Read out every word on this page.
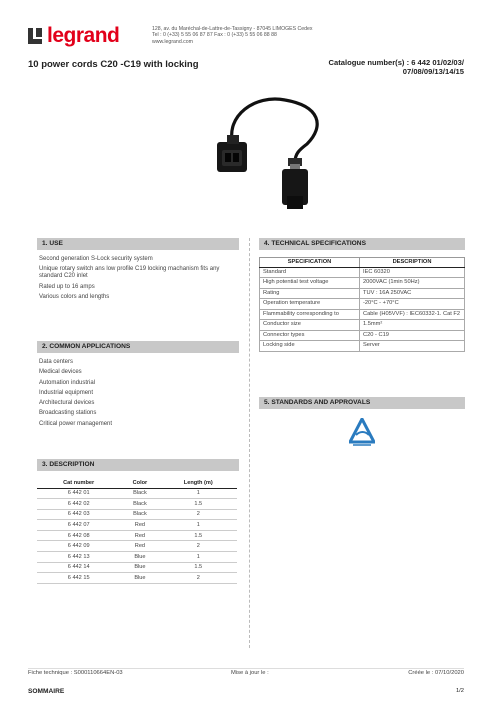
legrand	128, av. du Maréchal-de-Lattre-de-Tassigny - 87045 LIMOGES Cedex
Tel : 0 (+33) 5 55 06 87 87 Fax : 0 (+33) 5 55 06 88 88
www.legrand.com
10 power cords C20 -C19 with locking	Catalogue number(s) : 6 442 01/02/03/
07/08/09/13/14/15
1. USE
Second generation S-Lock security system
Unique rotary switch ans low profile C19 locking machanism fits any standard C20 inlet
Rated up to 16 amps
Various colors and lengths
2. COMMON APPLICATIONS
Data centers
Medical devices
Automation industrial
Industrial equipment
Architectural devices
Broadcasting stations
Critical power management
3. DESCRIPTION
Cat number	Color	Length (m)
6 442 01	Black	1
6 442 02	Black	1.5
6 442 03	Black	2
6 442 07	Red	1
6 442 08	Red	1.5
6 442 09	Red	2
6 442 13	Blue	1
6 442 14	Blue	1.5
6 442 15	Blue	2
4. TECHNICAL SPECIFICATIONS
SPECIFICATION	DESCRIPTION
Standard	IEC 60320
High potential test voltage	2000VAC (1min 50Hz)
Rating	TUV : 16A 250VAC
Operation temperature	-20°C - +70°C
Flammability corresponding to	Cable (H05VVF) : IEC60332-1. Cat F2
Conductor size	1.5mm²
Connector types	C20 - C19
Locking side	Server
5. STANDARDS AND APPROVALS
Fiche technique : S000110664EN-03	Mise à jour le :	Créée le : 07/10/2020
SOMMAIRE	1/2
